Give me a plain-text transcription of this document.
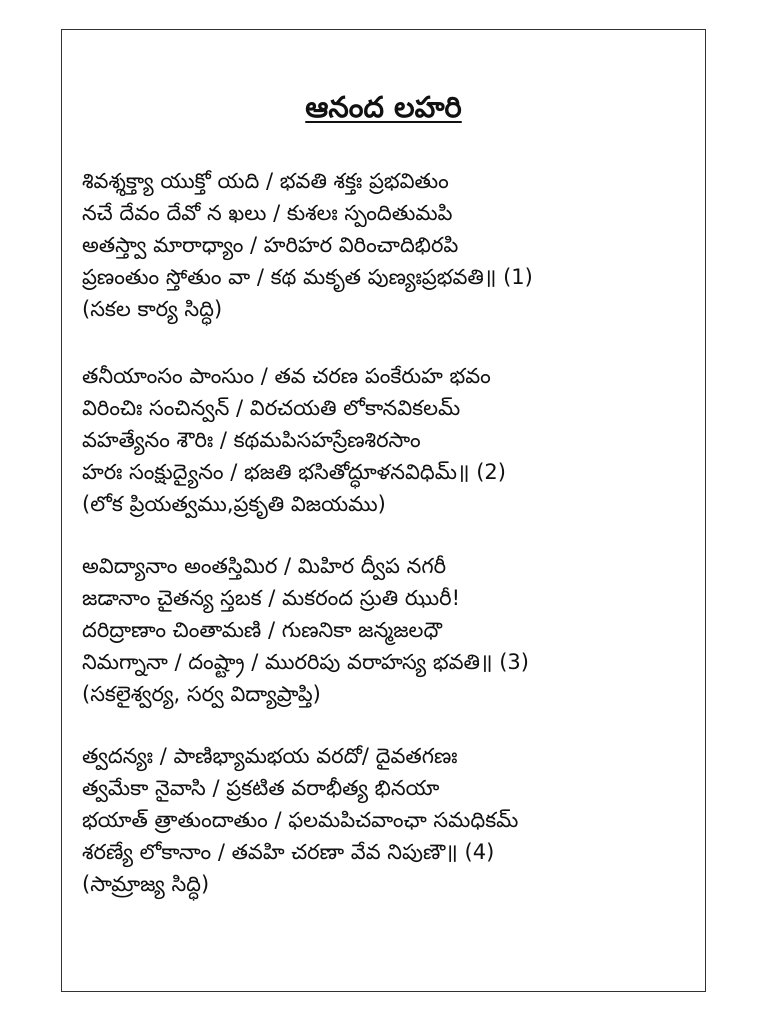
ఆనంద లహరి
శివశ్శక్త్యా యుక్తో యది / భవతి శక్తః ప్రభవితుం
నచే దేవం దేవో న ఖలు / కుశలః స్పందితుమపి
అతస్త్వా మారాధ్యాం / హరిహర విరించాదిభిరపి
ప్రణంతుం స్తోతుం వా / కథ మకృత పుణ్యఃప్రభవతి॥ (1)
(సకల కార్య సిద్ధి)
తనీయాంసం పాంసుం / తవ చరణ పంకేరుహ భవం
విరించిః సంచిన్వన్ / విరచయతి లోకానవికలమ్
వహత్యేనం శౌరిః / కథమపిసహస్రేణశిరసాం
హరః సంక్షుద్యైనం / భజతి భసితోద్ధూళనవిధిమ్॥ (2)
(లోక ప్రియత్వము,ప్రకృతి విజయము)
అవిద్యానాం అంతస్తిమిర / మిహిర ద్వీప నగరీ
జడానాం చైతన్య స్తబక / మకరంద స్రుతి ఝురీ!
దరిద్రాణాం చింతామణి / గుణనికా జన్మజలధౌ
నిమగ్నానా / దంష్ట్రా / మురరిపు వరాహస్య భవతి॥ (3)
(సకలైశ్వర్య, సర్వ విద్యాప్రాప్తి)
త్వదన్యః / పాణిభ్యామభయ వరదో/ దైవతగణః
త్వమేకా నైవాసి / ప్రకటిత వరాభీత్య భినయా
భయాత్ త్రాతుందాతుం / ఫలమపిచవాంఛా సమధికమ్
శరణ్యే లోకానాం / తవహి చరణా వేవ నిపుణౌ॥ (4)
(సామ్రాజ్య సిద్ధి)
